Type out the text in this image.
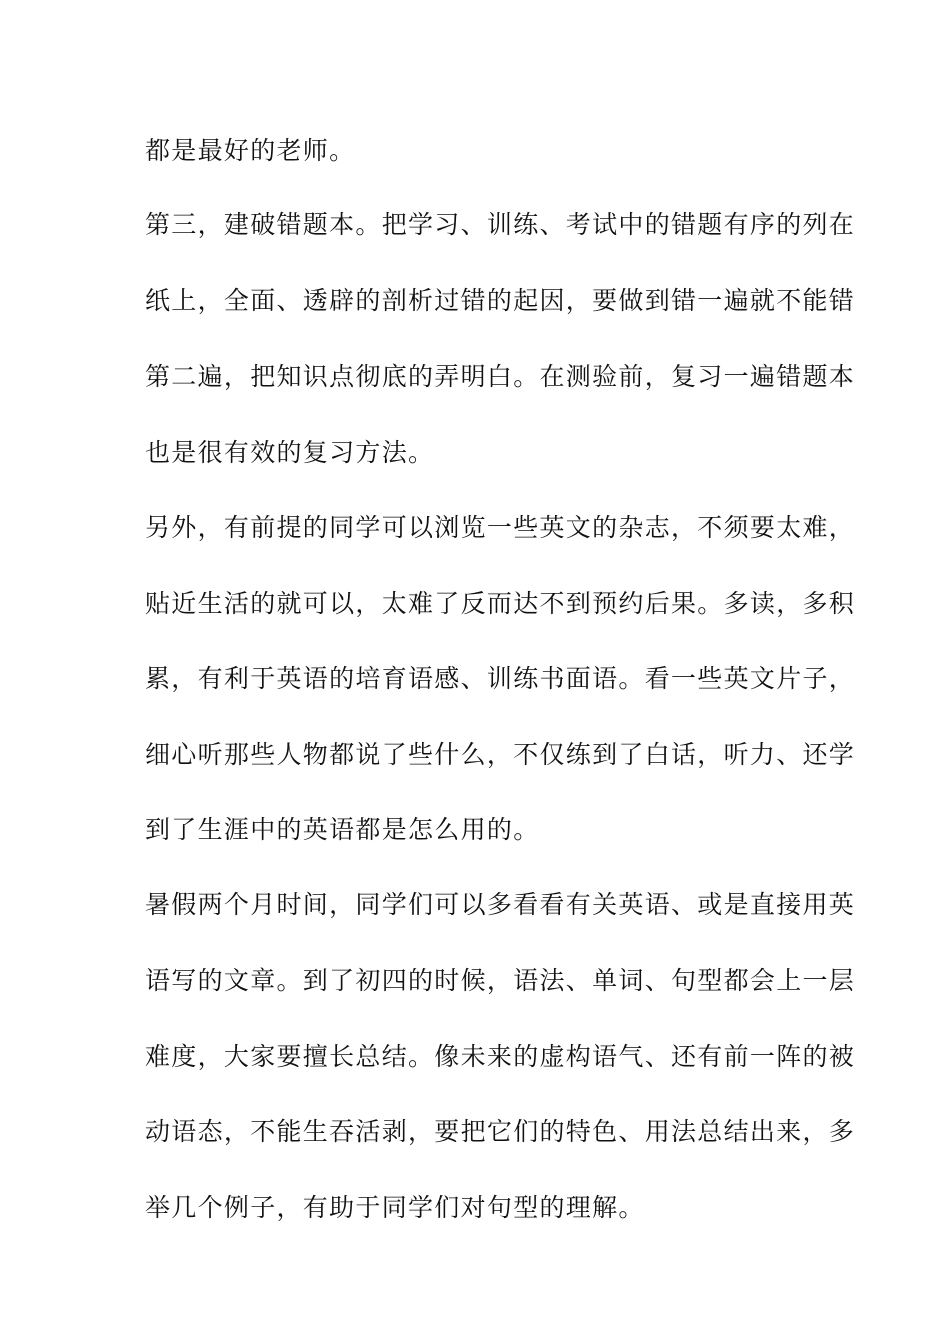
都是最好的老师。

第三，建破错题本。把学习、训练、考试中的错题有序的列在

纸上，全面、透辟的剖析过错的起因，要做到错一遍就不能错

第二遍，把知识点彻底的弄明白。在测验前，复习一遍错题本

也是很有效的复习方法。

另外，有前提的同学可以浏览一些英文的杂志，不须要太难，

贴近生活的就可以，太难了反而达不到预约后果。多读，多积

累，有利于英语的培育语感、训练书面语。看一些英文片子，

细心听那些人物都说了些什么，不仅练到了白话，听力、还学

到了生涯中的英语都是怎么用的。

暑假两个月时间，同学们可以多看看有关英语、或是直接用英

语写的文章。到了初四的时候，语法、单词、句型都会上一层

难度，大家要擅长总结。像未来的虚构语气、还有前一阵的被

动语态，不能生吞活剥，要把它们的特色、用法总结出来，多

举几个例子，有助于同学们对句型的理解。
